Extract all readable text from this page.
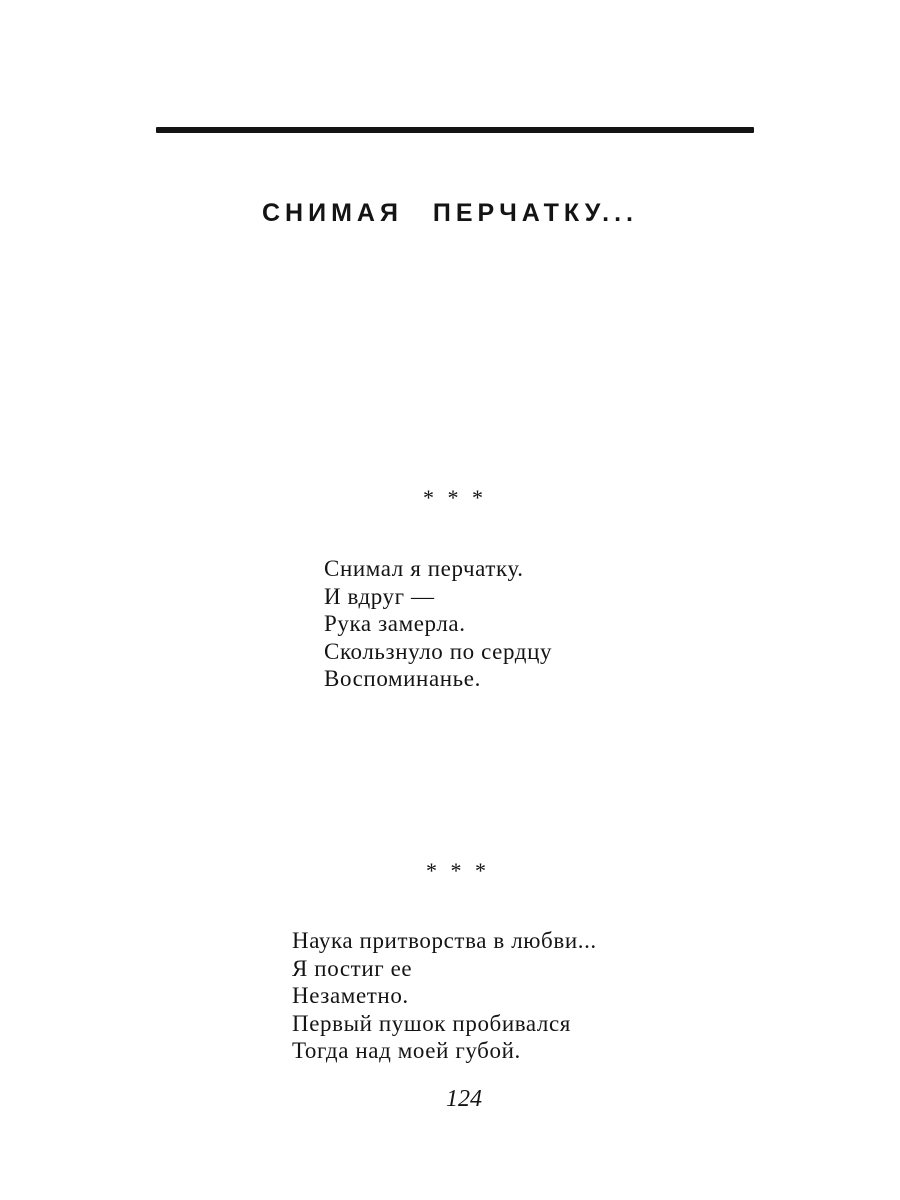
СНИМАЯ ПЕРЧАТКУ...
* * *
Снимал я перчатку.
И вдруг —
Рука замерла.
Скользнуло по сердцу
Воспоминанье.
* * *
Наука притворства в любви...
Я постиг ее
Незаметно.
Первый пушок пробивался
Тогда над моей губой.
124
